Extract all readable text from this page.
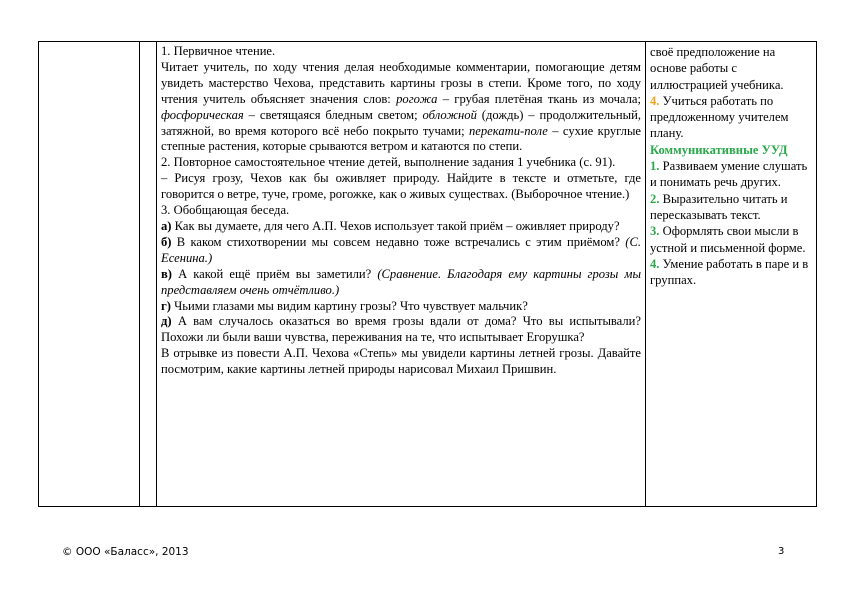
1. Первичное чтение.

Читает учитель, по ходу чтения делая необходимые комментарии, помогающие детям увидеть мастерство Чехова, представить картины грозы в степи. Кроме того, по ходу чтения учитель объясняет значения слов: рогожа – грубая плетёная ткань из мочала; фосфорическая – светящаяся бледным светом; обложной (дождь) – продолжительный, затяжной, во время которого всё небо покрыто тучами; перекати-поле – сухие круглые степные растения, которые срываются ветром и катаются по степи.

2. Повторное самостоятельное чтение детей, выполнение задания 1 учебника (с. 91).

– Рисуя грозу, Чехов как бы оживляет природу. Найдите в тексте и отметьте, где говорится о ветре, туче, громе, рогожке, как о живых существах. (Выборочное чтение.)

3. Обобщающая беседа.

а) Как вы думаете, для чего А.П. Чехов использует такой приём – оживляет природу?

б) В каком стихотворении мы совсем недавно тоже встречались с этим приёмом? (С. Есенина.)

в) А какой ещё приём вы заметили? (Сравнение. Благодаря ему картины грозы мы представляем очень отчётливо.)

г) Чьими глазами мы видим картину грозы? Что чувствует мальчик?

д) А вам случалось оказаться во время грозы вдали от дома? Что вы испытывали? Похожи ли были ваши чувства, переживания на те, что испытывает Егорушка?

В отрывке из повести А.П. Чехова «Степь» мы увидели картины летней грозы. Давайте посмотрим, какие картины летней природы нарисовал Михаил Пришвин.

своё предположение на основе работы с иллюстрацией учебника.

4. Учиться работать по предложенному учителем плану.

Коммуникативные УУД

1. Развиваем умение слушать и понимать речь других.

2. Выразительно читать и пересказывать текст.

3. Оформлять свои мысли в устной и письменной форме.

4. Умение работать в паре и в группах.

© ООО «Баласс», 2013	3
